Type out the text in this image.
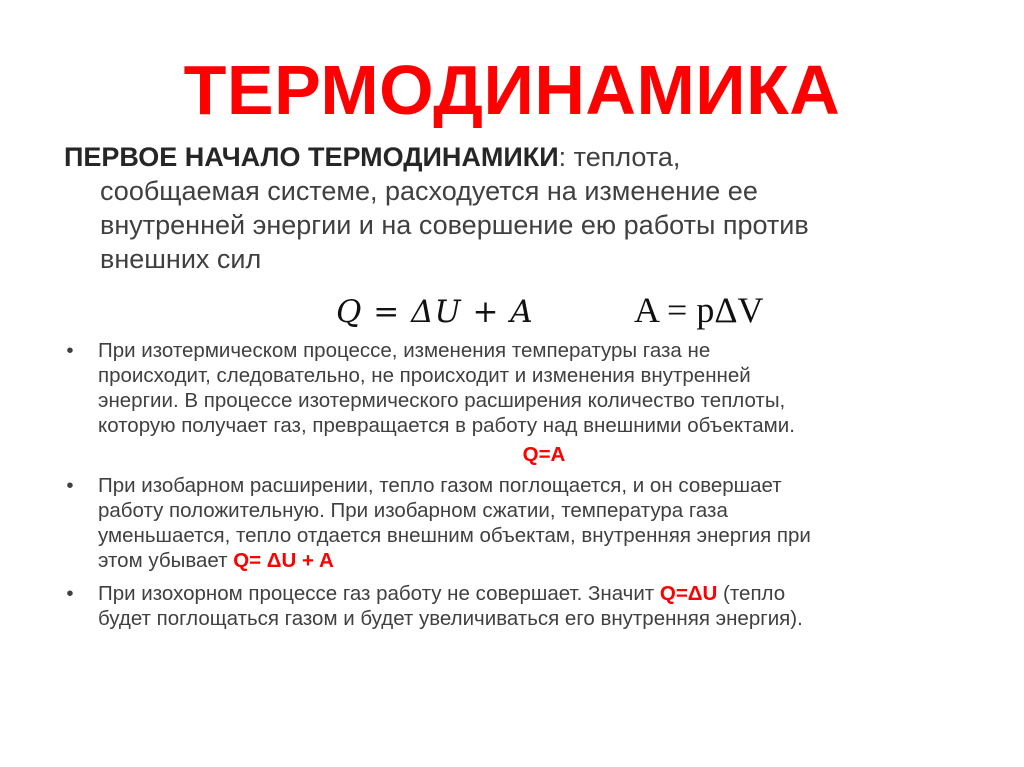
ТЕРМОДИНАМИКА
ПЕРВОЕ НАЧАЛО ТЕРМОДИНАМИКИ: теплота,
сообщаемая системе, расходуется на изменение ее
внутренней энергии и на совершение ею работы против
внешних сил
Q = ΔU + A	A = pΔV
•	При изотермическом процессе, изменения температуры газа не
происходит, следовательно, не происходит и изменения внутренней
энергии. В процессе изотермического расширения количество теплоты,
которую получает газ, превращается в работу над внешними объектами.
Q=A
•	При изобарном расширении, тепло газом поглощается, и он совершает
работу положительную. При изобарном сжатии, температура газа
уменьшается, тепло отдается внешним объектам, внутренняя энергия при
этом убывает Q= ΔU + A
•	При изохорном процессе газ работу не совершает. Значит Q=ΔU (тепло
будет поглощаться газом и будет увеличиваться его внутренняя энергия).
